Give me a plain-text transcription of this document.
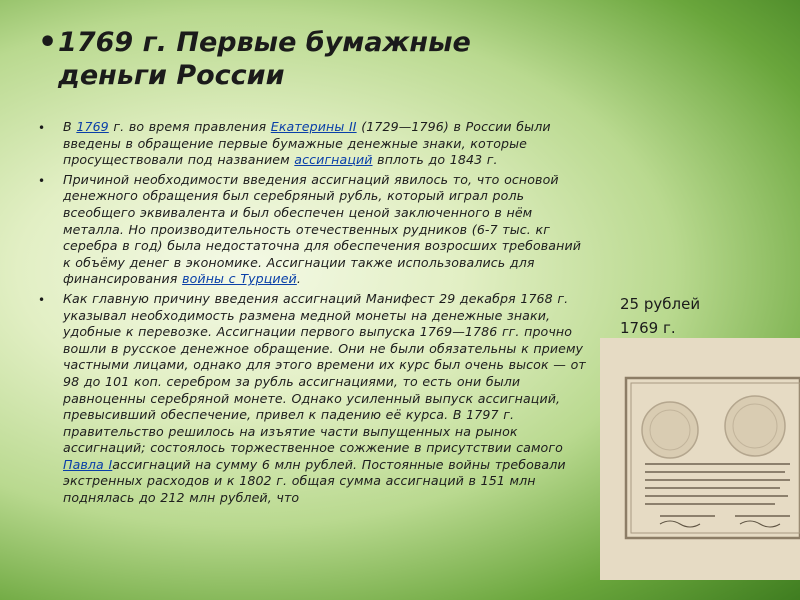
• 1769 г. Первые бумажные деньги России
•	В 1769 г. во время правления Екатерины II (1729—1796) в России были введены в обращение первые бумажные денежные знаки, которые просуществовали под названием ассигнаций вплоть до 1843 г.
•	Причиной необходимости введения ассигнаций явилось то, что основой денежного обращения был серебряный рубль, который играл роль всеобщего эквивалента и был обеспечен ценой заключенного в нём металла. Но производительность отечественных рудников (6-7 тыс. кг серебра в год) была недостаточна для обеспечения возросших требований к объёму денег в экономике. Ассигнации также использовались для финансирования войны с Турцией.
•	Как главную причину введения ассигнаций Манифест 29 декабря 1768 г. указывал необходимость размена медной монеты на денежные знаки, удобные к перевозке. Ассигнации первого выпуска 1769—1786 гг. прочно вошли в русское денежное обращение. Они не были обязательны к приему частными лицами, однако для этого времени их курс был очень высок — от 98 до 101 коп. серебром за рубль ассигнациями, то есть они были равноценны серебряной монете. Однако усиленный выпуск ассигнаций, превысивший обеспечение, привел к падению её курса. В 1797 г. правительство решилось на изъятие части выпущенных на рынок ассигнаций; состоялось торжественное сожжение в присутствии самого Павла Iассигнаций на сумму 6 млн рублей. Постоянные войны требовали экстренных расходов и к 1802 г. общая сумма ассигнаций в 151 млн поднялась до 212 млн рублей, что
25 рублей
1769 г.
